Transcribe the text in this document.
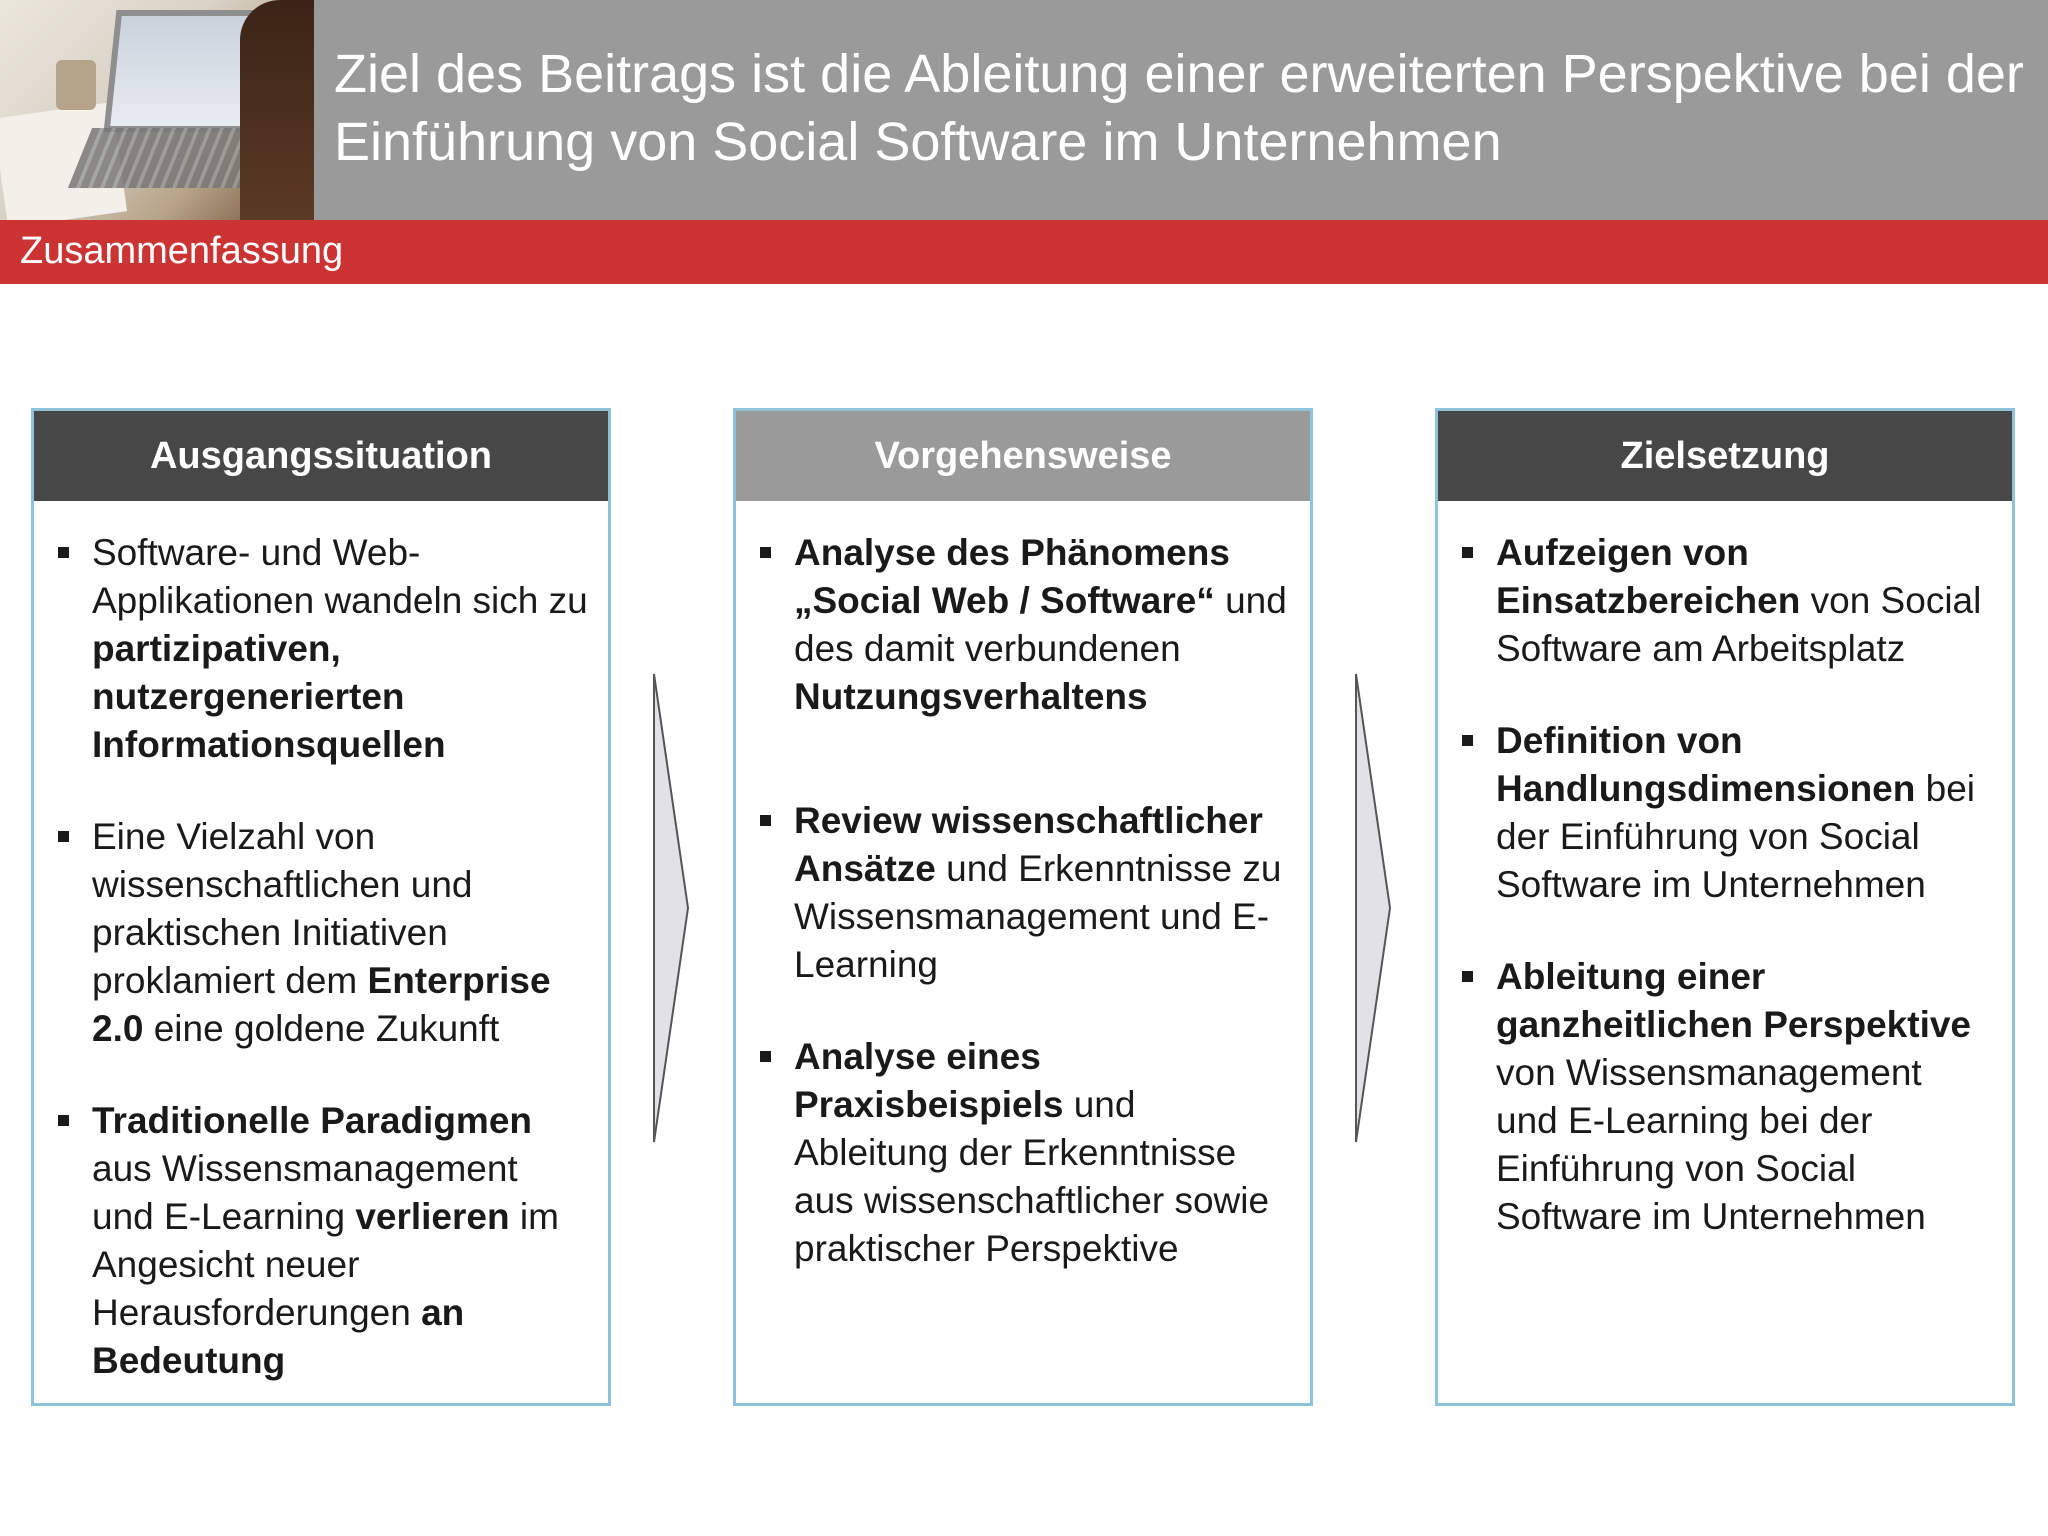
Ziel des Beitrags ist die Ableitung einer erweiterten Perspektive bei der Einführung von Social Software im Unternehmen
Zusammenfassung
Ausgangssituation
Software- und Web-Applikationen wandeln sich zu partizipativen, nutzergenerierten Informationsquellen
Eine Vielzahl von wissenschaftlichen und praktischen Initiativen proklamiert dem Enterprise 2.0 eine goldene Zukunft
Traditionelle Paradigmen aus Wissensmanagement und E-Learning verlieren im Angesicht neuer Herausforderungen an Bedeutung
Vorgehensweise
Analyse des Phänomens „Social Web / Software“ und des damit verbundenen Nutzungsverhaltens
Review wissenschaftlicher Ansätze und Erkenntnisse zu Wissensmanagement und E-Learning
Analyse eines Praxisbeispiels und Ableitung der Erkenntnisse aus wissenschaftlicher sowie praktischer Perspektive
Zielsetzung
Aufzeigen von Einsatzbereichen von Social Software am Arbeitsplatz
Definition von Handlungsdimensionen bei der Einführung von Social Software im Unternehmen
Ableitung einer ganzheitlichen Perspektive von Wissensmanagement und E-Learning bei der Einführung von Social Software im Unternehmen
